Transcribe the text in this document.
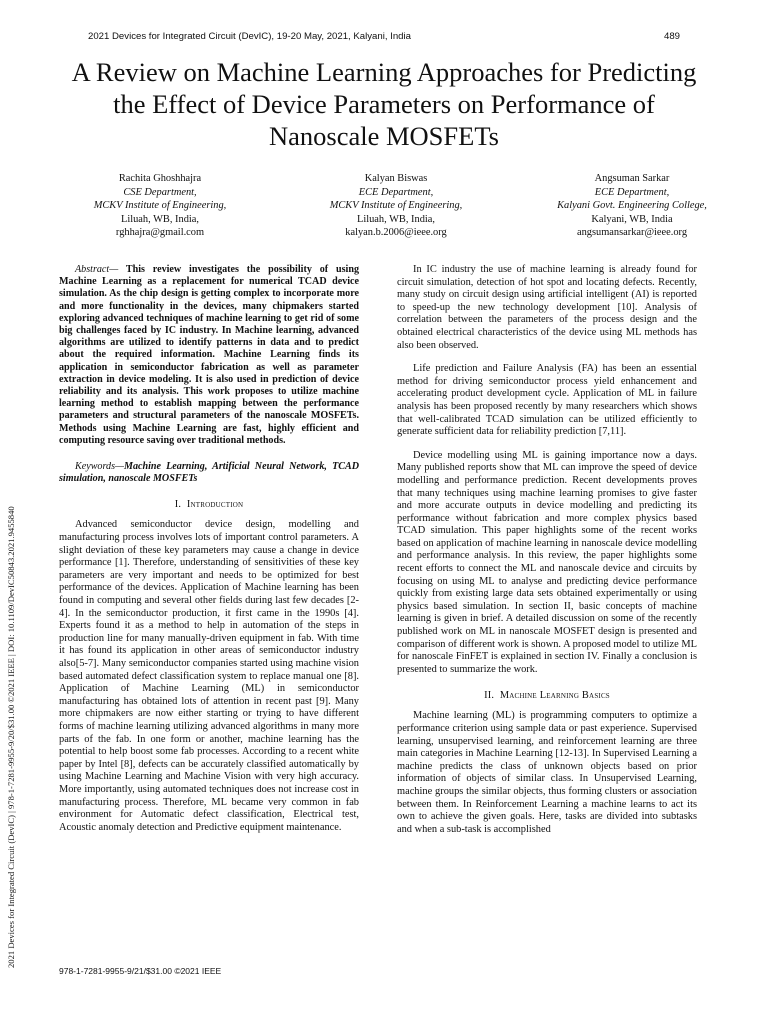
2021 Devices for Integrated Circuit (DevIC), 19-20 May, 2021, Kalyani, India	489
2021 Devices for Integrated Circuit (DevIC) | 978-1-7281-9955-9/20/$31.00 ©2021 IEEE | DOI: 10.1109/DevIC50843.2021.9455840
A Review on Machine Learning Approaches for Predicting the Effect of Device Parameters on Performance of Nanoscale MOSFETs
Rachita Ghoshhajra
CSE Department,
MCKV Institute of Engineering,
Liluah, WB, India,
rghhajra@gmail.com
Kalyan Biswas
ECE Department,
MCKV Institute of Engineering,
Liluah, WB, India,
kalyan.b.2006@ieee.org
Angsuman Sarkar
ECE Department,
Kalyani Govt. Engineering College,
Kalyani, WB, India
angsumansarkar@ieee.org

Abstract— This review investigates the possibility of using Machine Learning as a replacement for numerical TCAD device simulation. As the chip design is getting complex to incorporate more and more functionality in the devices, many chipmakers started exploring advanced techniques of machine learning to get rid of some big challenges faced by IC industry. In Machine learning, advanced algorithms are utilized to identify patterns in data and to predict about the required information. Machine Learning finds its application in semiconductor fabrication as well as parameter extraction in device modeling. It is also used in prediction of device reliability and its analysis. This work proposes to utilize machine learning method to establish mapping between the performance parameters and structural parameters of the nanoscale MOSFETs. Methods using Machine Learning are fast, highly efficient and computing resource saving over traditional methods.

Keywords—Machine Learning, Artificial Neural Network, TCAD simulation, nanoscale MOSFETs

I. Introduction

Advanced semiconductor device design, modelling and manufacturing process involves lots of important control parameters. A slight deviation of these key parameters may cause a change in device performance [1]. Therefore, understanding of sensitivities of these key parameters are very important and needs to be optimized for best performance of the devices. Application of Machine learning has been found in computing and several other fields during last few decades [2-4]. In the semiconductor production, it first came in the 1990s [4]. Experts found it as a method to help in automation of the steps in production line for many manually-driven equipment in fab. With time it has found its application in other areas of semiconductor industry also[5-7]. Many semiconductor companies started using machine vision based automated defect classification system to replace manual one [8]. Application of Machine Learning (ML) in semiconductor manufacturing has obtained lots of attention in recent past [9]. Many more chipmakers are now either starting or trying to have different forms of machine learning utilizing advanced algorithms in many more parts of the fab. In one form or another, machine learning has the potential to help boost some fab processes. According to a recent white paper by Intel [8], defects can be accurately classified automatically by using Machine Learning and Machine Vision with very high accuracy. More importantly, using automated techniques does not increase cost in manufacturing process. Therefore, ML became very common in fab environment for Automatic defect classification, Electrical test, Acoustic anomaly detection and Predictive equipment maintenance.

In IC industry the use of machine learning is already found for circuit simulation, detection of hot spot and locating defects. Recently, many study on circuit design using artificial intelligent (AI) is reported to speed-up the new technology development [10]. Analysis of correlation between the parameters of the process design and the obtained electrical characteristics of the device using ML methods has also been observed.

Life prediction and Failure Analysis (FA) has been an essential method for driving semiconductor process yield enhancement and accelerating product development cycle. Application of ML in failure analysis has been proposed recently by many researchers which shows that well-calibrated TCAD simulation can be utilized efficiently to generate sufficient data for reliability prediction [7,11].

Device modelling using ML is gaining importance now a days. Many published reports show that ML can improve the speed of device modelling and performance prediction. Recent developments proves that many techniques using machine learning promises to give faster and more accurate outputs in device modelling and predicting its performance without fabrication and more complex physics based TCAD simulation. This paper highlights some of the recent works based on application of machine learning in nanoscale device modelling and performance analysis. In this review, the paper highlights some recent efforts to connect the ML and nanoscale device and circuits by focusing on using ML to analyse and predicting device performance quickly from existing large data sets obtained experimentally or using physics based simulation. In section II, basic concepts of machine learning is given in brief. A detailed discussion on some of the recently published work on ML in nanoscale MOSFET design is presented and comparison of different work is shown. A proposed model to utilize ML for nanoscale FinFET is explained in section IV. Finally a conclusion is presented to summarize the work.

II. Machine Learning Basics

Machine learning (ML) is programming computers to optimize a performance criterion using sample data or past experience. Supervised learning, unsupervised learning, and reinforcement learning are three main categories in Machine Learning [12-13]. In Supervised Learning a machine predicts the class of unknown objects based on prior information of objects of similar class. In Unsupervised Learning, machine groups the similar objects, thus forming clusters or association between them. In Reinforcement Learning a machine learns to act its own to achieve the given goals. Here, tasks are divided into subtasks and when a sub-task is accomplished

978-1-7281-9955-9/21/$31.00 ©2021 IEEE
